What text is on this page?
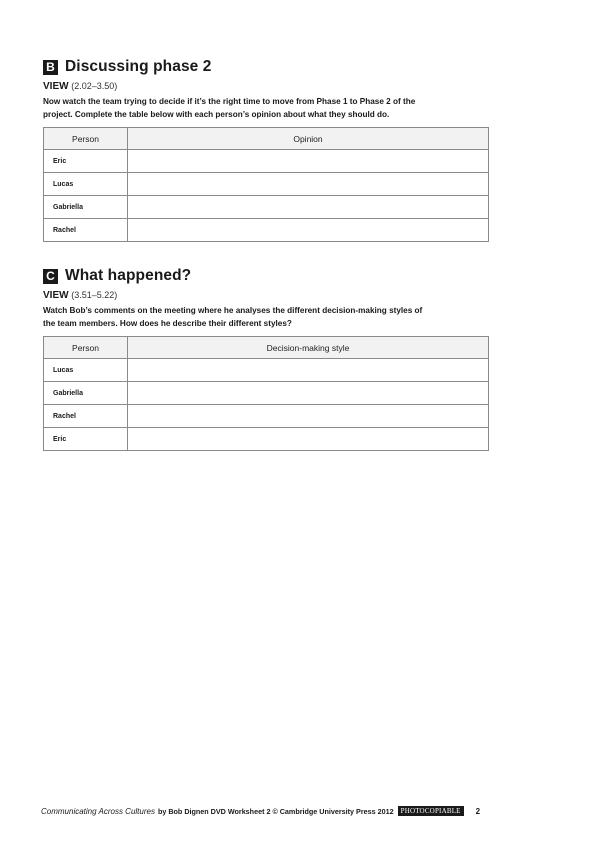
B Discussing phase 2
VIEW (2.02–3.50)
Now watch the team trying to decide if it’s the right time to move from Phase 1 to Phase 2 of the
project. Complete the table below with each person’s opinion about what they should do.
Person	Opinion
Eric	
Lucas	
Gabriella	
Rachel	
C What happened?
VIEW (3.51–5.22)
Watch Bob’s comments on the meeting where he analyses the different decision-making styles of
the team members. How does he describe their different styles?
Person	Decision-making style
Lucas	
Gabriella	
Rachel	
Eric	
Communicating Across Cultures by Bob Dignen DVD Worksheet 2 © Cambridge University Press 2012	PHOTOCOPIABLE	2
